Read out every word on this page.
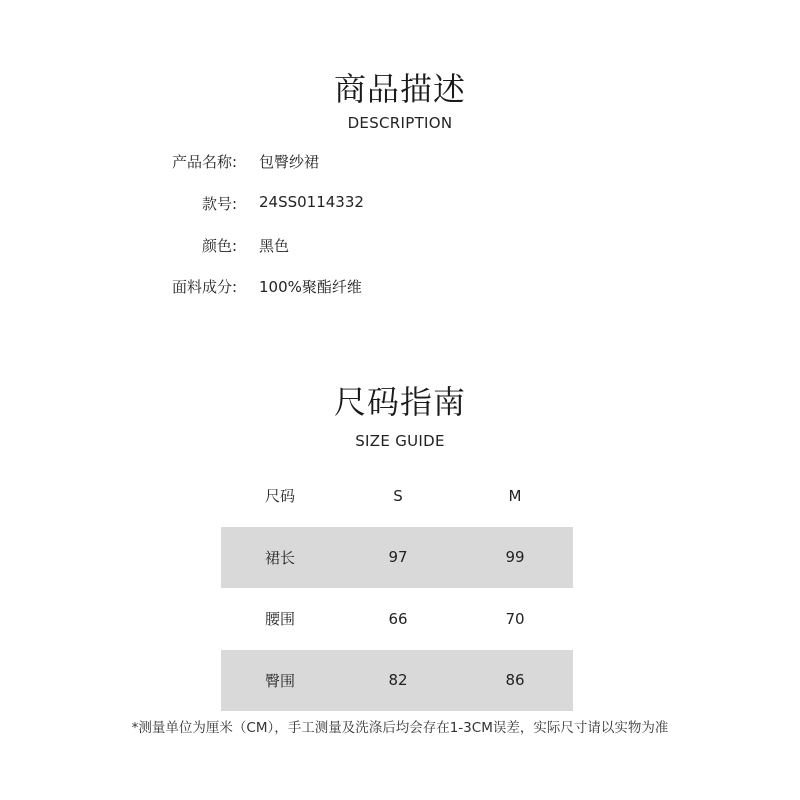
商品描述
DESCRIPTION
产品名称: 包臀纱裙
款号: 24SS0114332
颜色: 黑色
面料成分: 100%聚酯纤维
尺码指南
SIZE GUIDE
尺码	S	M
裙长	97	99
腰围	66	70
臀围	82	86
*测量单位为厘米（CM），手工测量及洗涤后均会存在1-3CM误差，实际尺寸请以实物为准
